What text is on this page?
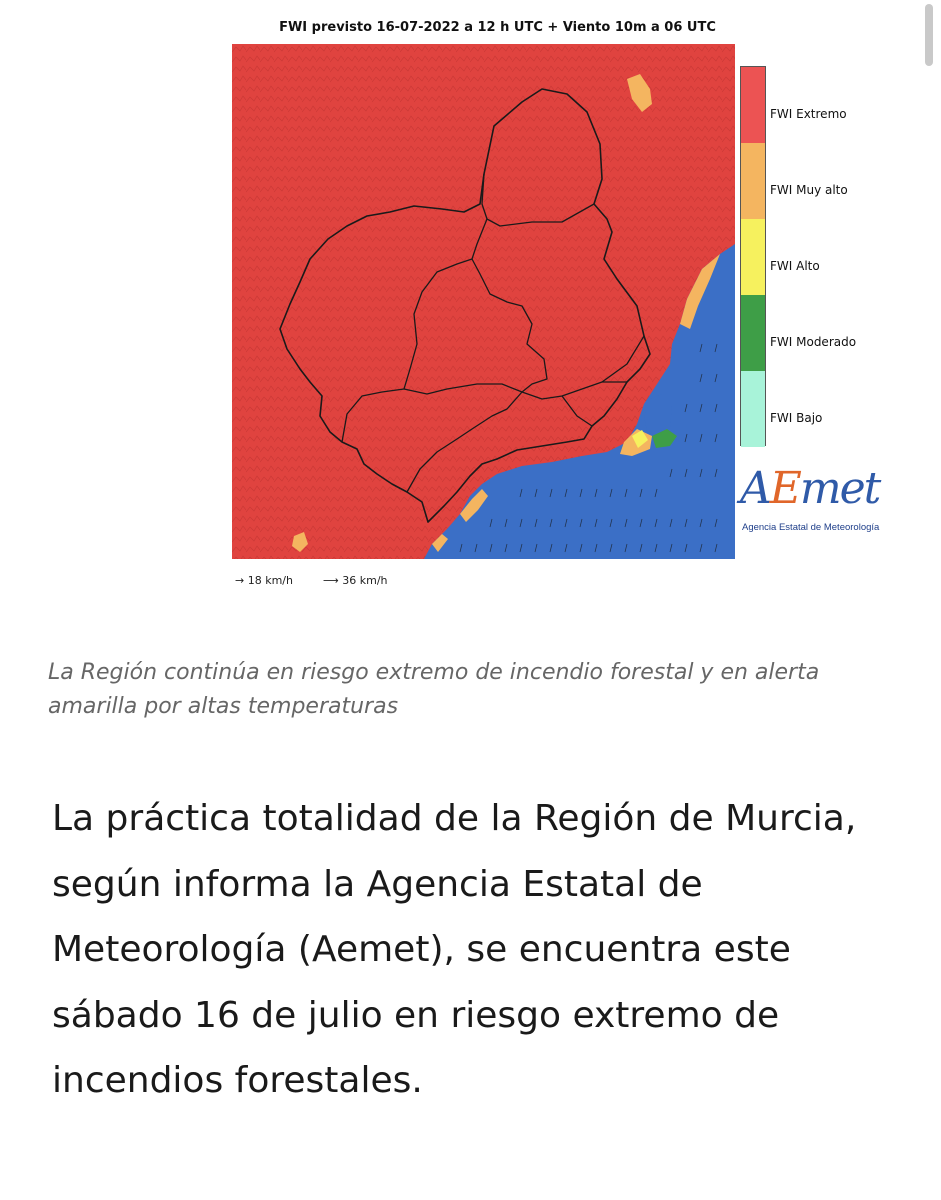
FWI previsto 16-07-2022 a 12 h UTC + Viento 10m a 06 UTC
FWI Extremo
FWI Muy alto
FWI Alto
FWI Moderado
FWI Bajo
AEmet
Agencia Estatal de Meteorología
→ 18 km/h	⟶ 36 km/h
La Región continúa en riesgo extremo de incendio forestal y en alerta amarilla por altas temperaturas
La práctica totalidad de la Región de Murcia, según informa la Agencia Estatal de Meteorología (Aemet), se encuentra este sábado 16 de julio en riesgo extremo de incendios forestales.
